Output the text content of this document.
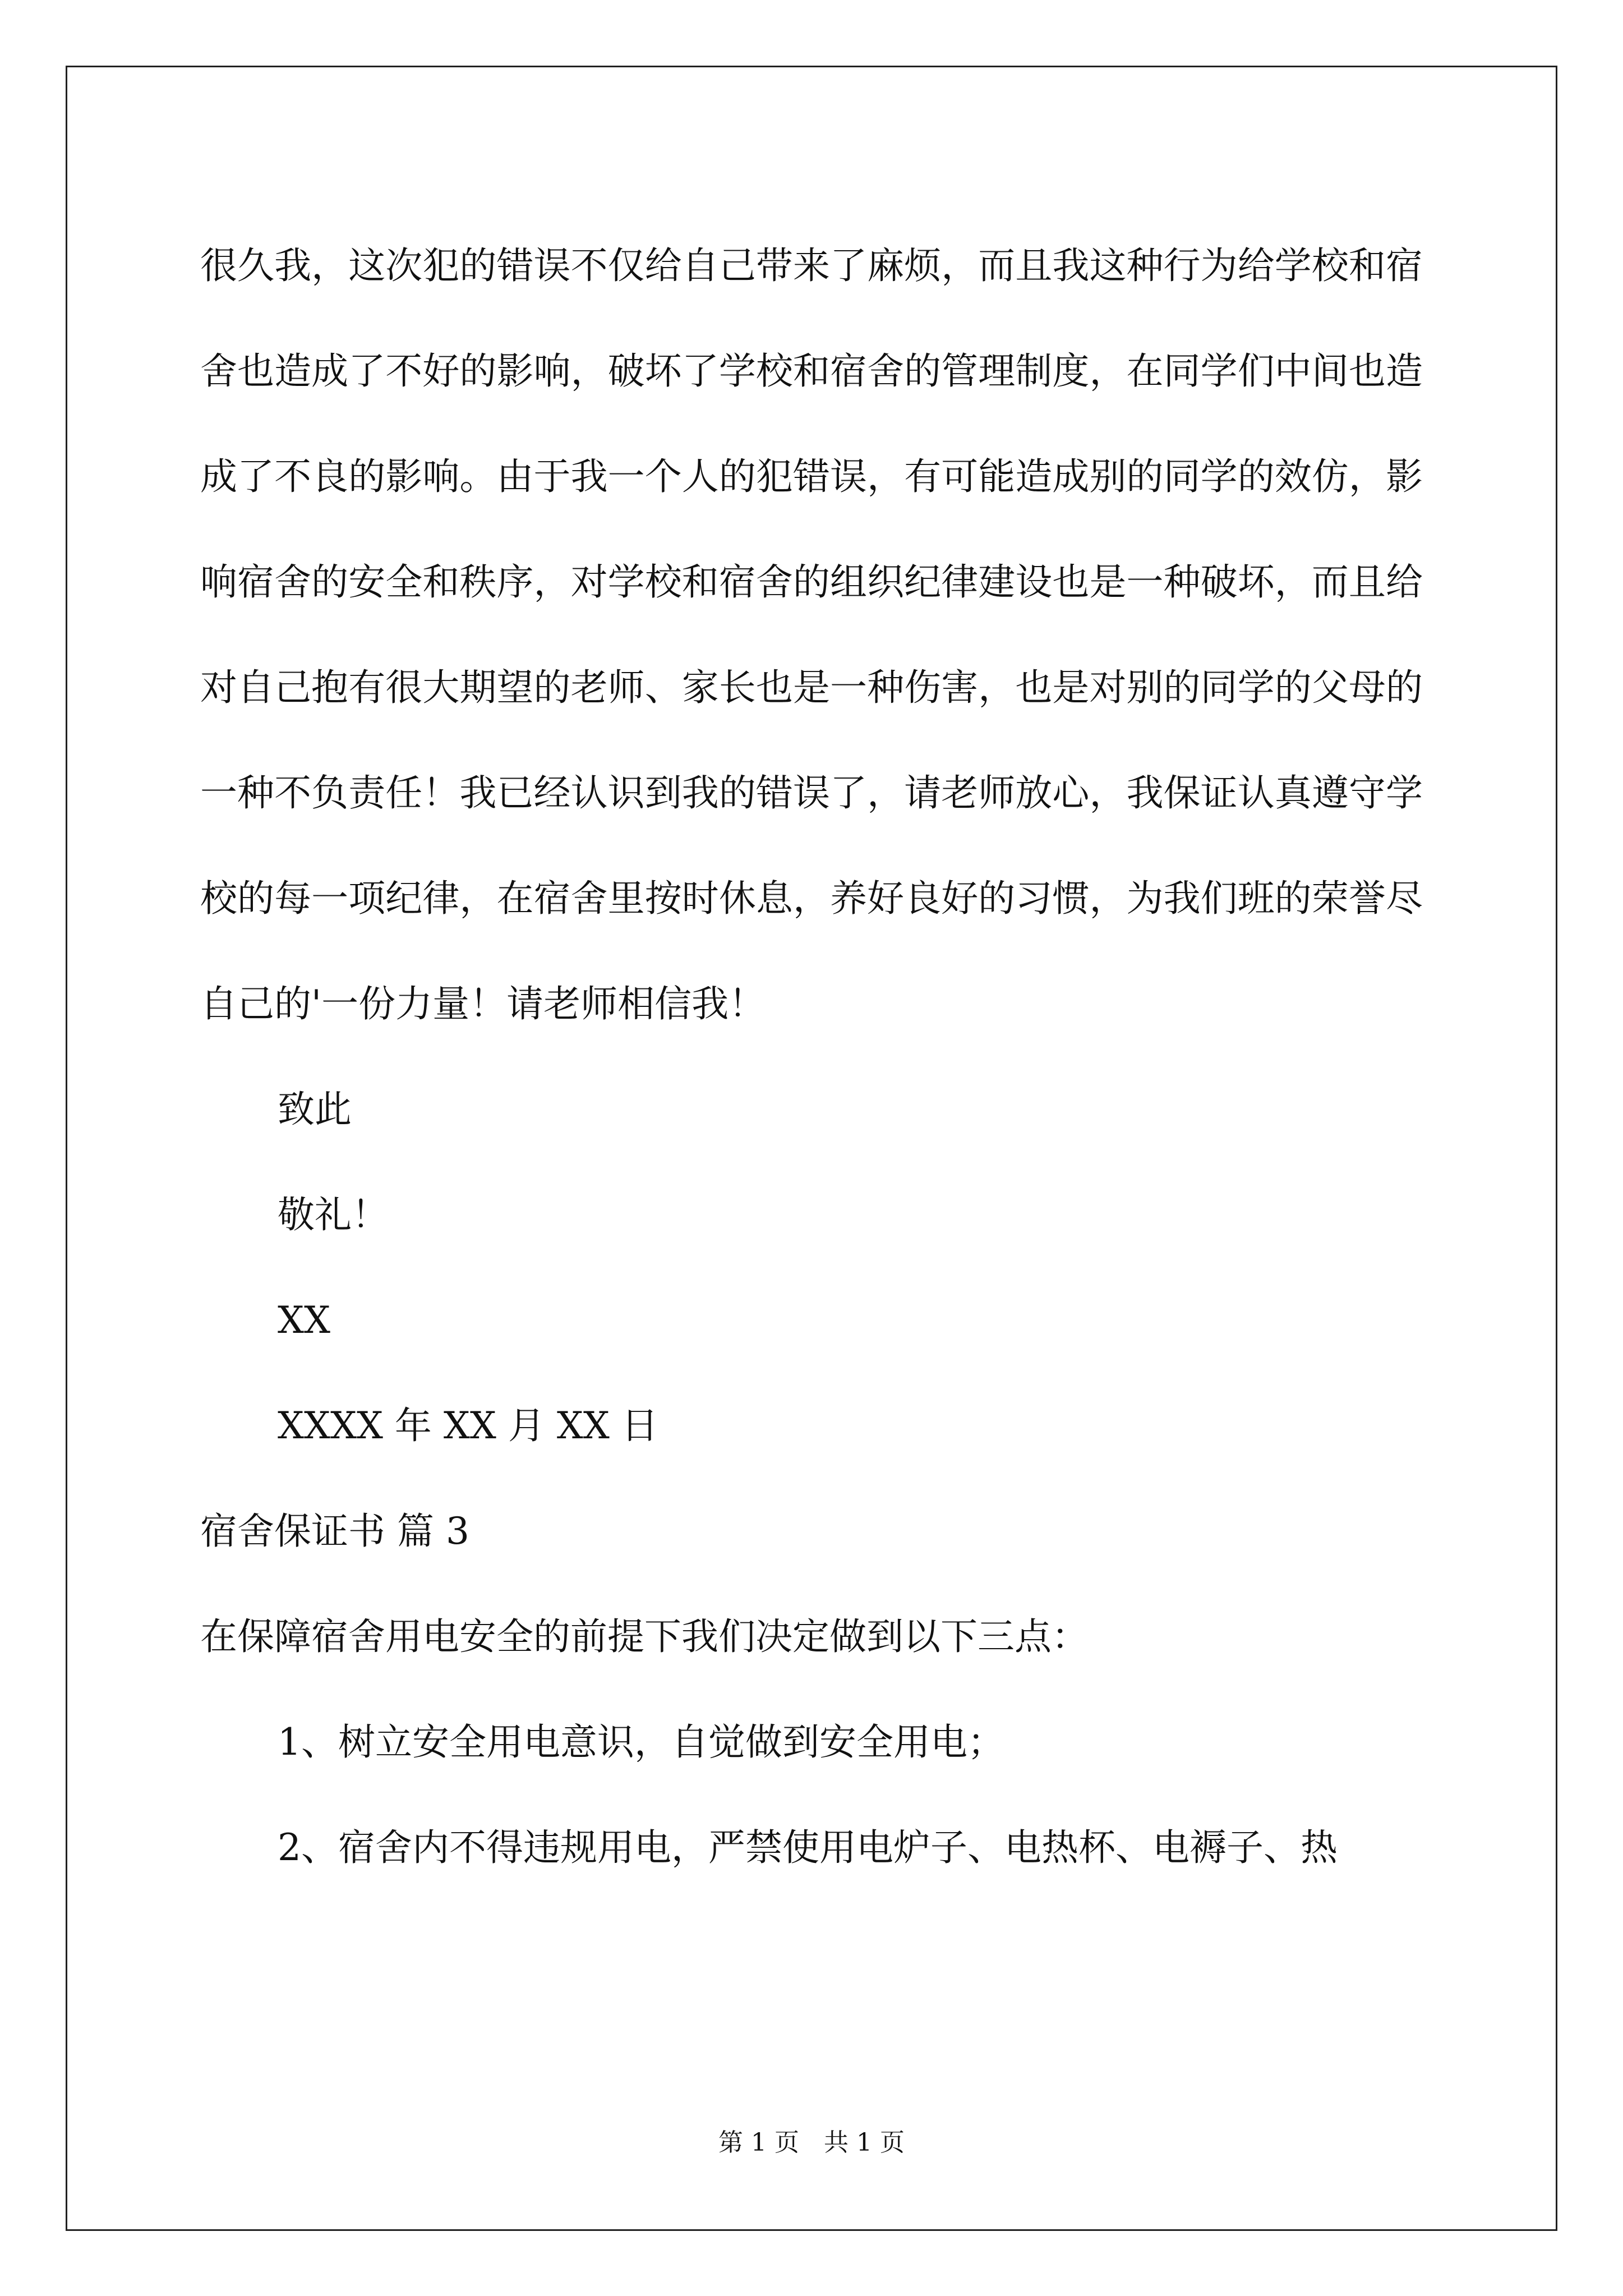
很久我，这次犯的错误不仅给自己带来了麻烦，而且我这种行为给学校和宿舍也造成了不好的影响，破坏了学校和宿舍的管理制度，在同学们中间也造成了不良的影响。由于我一个人的犯错误，有可能造成别的同学的效仿，影响宿舍的安全和秩序，对学校和宿舍的组织纪律建设也是一种破坏，而且给对自己抱有很大期望的老师、家长也是一种伤害，也是对别的同学的父母的一种不负责任！我已经认识到我的错误了，请老师放心，我保证认真遵守学校的每一项纪律，在宿舍里按时休息，养好良好的习惯，为我们班的荣誉尽自己的'一份力量！请老师相信我！

致此

敬礼！

XX

XXXX 年 XX 月 XX 日

宿舍保证书 篇 3

在保障宿舍用电安全的前提下我们决定做到以下三点：

1、树立安全用电意识，自觉做到安全用电；

2、宿舍内不得违规用电，严禁使用电炉子、电热杯、电褥子、热

第 1 页　共 1 页
